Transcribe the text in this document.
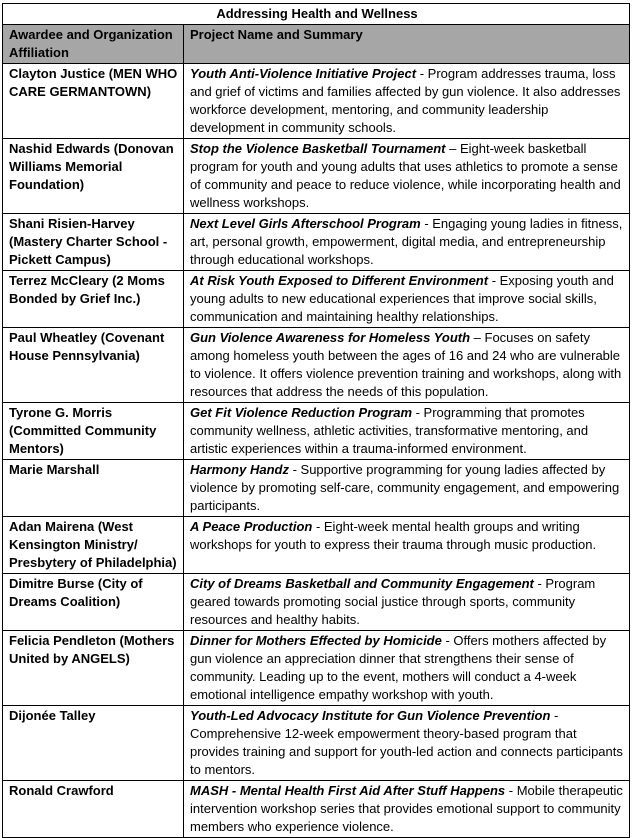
Addressing Health and Wellness	
Awardee and Organization Affiliation	Project Name and Summary
Clayton Justice (MEN WHO CARE GERMANTOWN)	Youth Anti-Violence Initiative Project - Program addresses trauma, loss and grief of victims and families affected by gun violence. It also addresses workforce development, mentoring, and community leadership development in community schools.
Nashid Edwards (Donovan Williams Memorial Foundation)	Stop the Violence Basketball Tournament – Eight-week basketball program for youth and young adults that uses athletics to promote a sense of community and peace to reduce violence, while incorporating health and wellness workshops.
Shani Risien-Harvey (Mastery Charter School - Pickett Campus)	Next Level Girls Afterschool Program - Engaging young ladies in fitness, art, personal growth, empowerment, digital media, and entrepreneurship through educational workshops.
Terrez McCleary (2 Moms Bonded by Grief Inc.)	At Risk Youth Exposed to Different Environment - Exposing youth and young adults to new educational experiences that improve social skills, communication and maintaining healthy relationships.
Paul Wheatley (Covenant House Pennsylvania)	Gun Violence Awareness for Homeless Youth – Focuses on safety among homeless youth between the ages of 16 and 24 who are vulnerable to violence. It offers violence prevention training and workshops, along with resources that address the needs of this population.
Tyrone G. Morris (Committed Community Mentors)	Get Fit Violence Reduction Program - Programming that promotes community wellness, athletic activities, transformative mentoring, and artistic experiences within a trauma-informed environment.
Marie Marshall	Harmony Handz - Supportive programming for young ladies affected by violence by promoting self-care, community engagement, and empowering participants.
Adan Mairena (West Kensington Ministry/ Presbytery of Philadelphia)	A Peace Production - Eight-week mental health groups and writing workshops for youth to express their trauma through music production.
Dimitre Burse (City of Dreams Coalition)	City of Dreams Basketball and Community Engagement - Program geared towards promoting social justice through sports, community resources and healthy habits.
Felicia Pendleton (Mothers United by ANGELS)	Dinner for Mothers Effected by Homicide - Offers mothers affected by gun violence an appreciation dinner that strengthens their sense of community. Leading up to the event, mothers will conduct a 4-week emotional intelligence empathy workshop with youth.
Dijonée Talley	Youth-Led Advocacy Institute for Gun Violence Prevention - Comprehensive 12-week empowerment theory-based program that provides training and support for youth-led action and connects participants to mentors.
Ronald Crawford	MASH - Mental Health First Aid After Stuff Happens - Mobile therapeutic intervention workshop series that provides emotional support to community members who experience violence.
